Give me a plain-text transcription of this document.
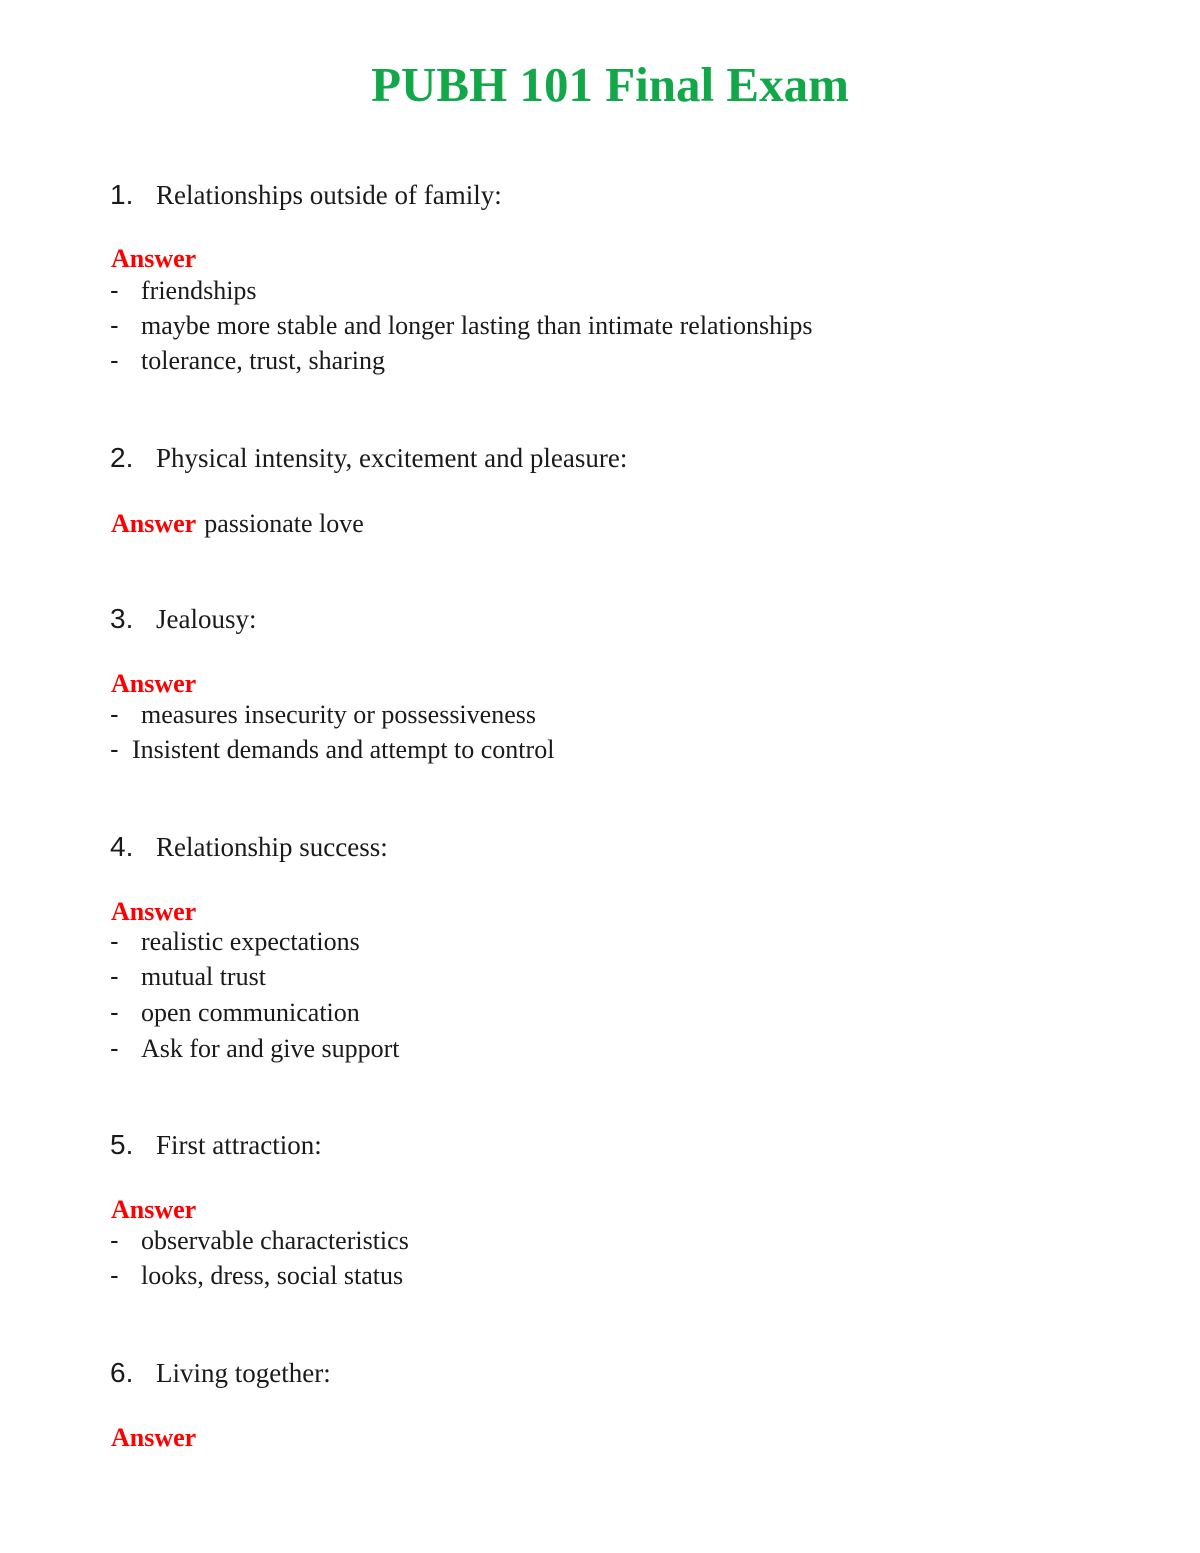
PUBH 101 Final Exam
1. Relationships outside of family:
Answer
- friendships
- maybe more stable and longer lasting than intimate relationships
- tolerance, trust, sharing
2. Physical intensity, excitement and pleasure:
Answer passionate love
3. Jealousy:
Answer
- measures insecurity or possessiveness
- Insistent demands and attempt to control
4. Relationship success:
Answer
- realistic expectations
- mutual trust
- open communication
- Ask for and give support
5. First attraction:
Answer
- observable characteristics
- looks, dress, social status
6. Living together:
Answer
